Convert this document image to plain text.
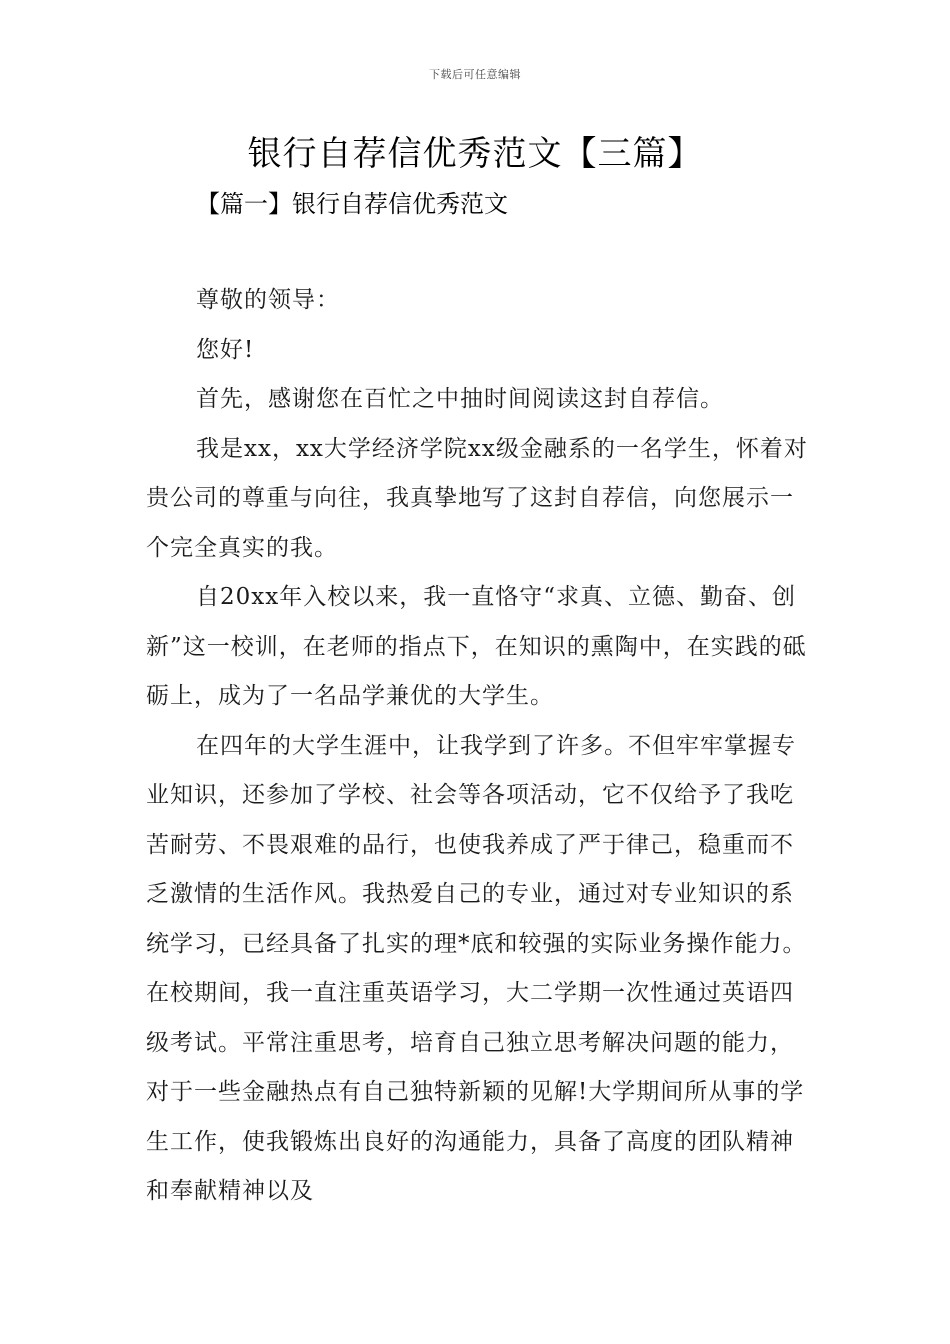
下载后可任意编辑
银行自荐信优秀范文【三篇】
【篇一】银行自荐信优秀范文

尊敬的领导：

您好!

首先，感谢您在百忙之中抽时间阅读这封自荐信。

我是xx，xx大学经济学院xx级金融系的一名学生，怀着对贵公司的尊重与向往，我真挚地写了这封自荐信，向您展示一个完全真实的我。

自20xx年入校以来，我一直恪守“求真、立德、勤奋、创新”这一校训，在老师的指点下，在知识的熏陶中，在实践的砥砺上，成为了一名品学兼优的大学生。

在四年的大学生涯中，让我学到了许多。不但牢牢掌握专业知识，还参加了学校、社会等各项活动，它不仅给予了我吃苦耐劳、不畏艰难的品行，也使我养成了严于律己，稳重而不乏激情的生活作风。我热爱自己的专业，通过对专业知识的系统学习，已经具备了扎实的理*底和较强的实际业务操作能力。在校期间，我一直注重英语学习，大二学期一次性通过英语四级考试。平常注重思考，培育自己独立思考解决问题的能力，对于一些金融热点有自己独特新颖的见解!大学期间所从事的学生工作，使我锻炼出良好的沟通能力，具备了高度的团队精神和奉献精神以及
